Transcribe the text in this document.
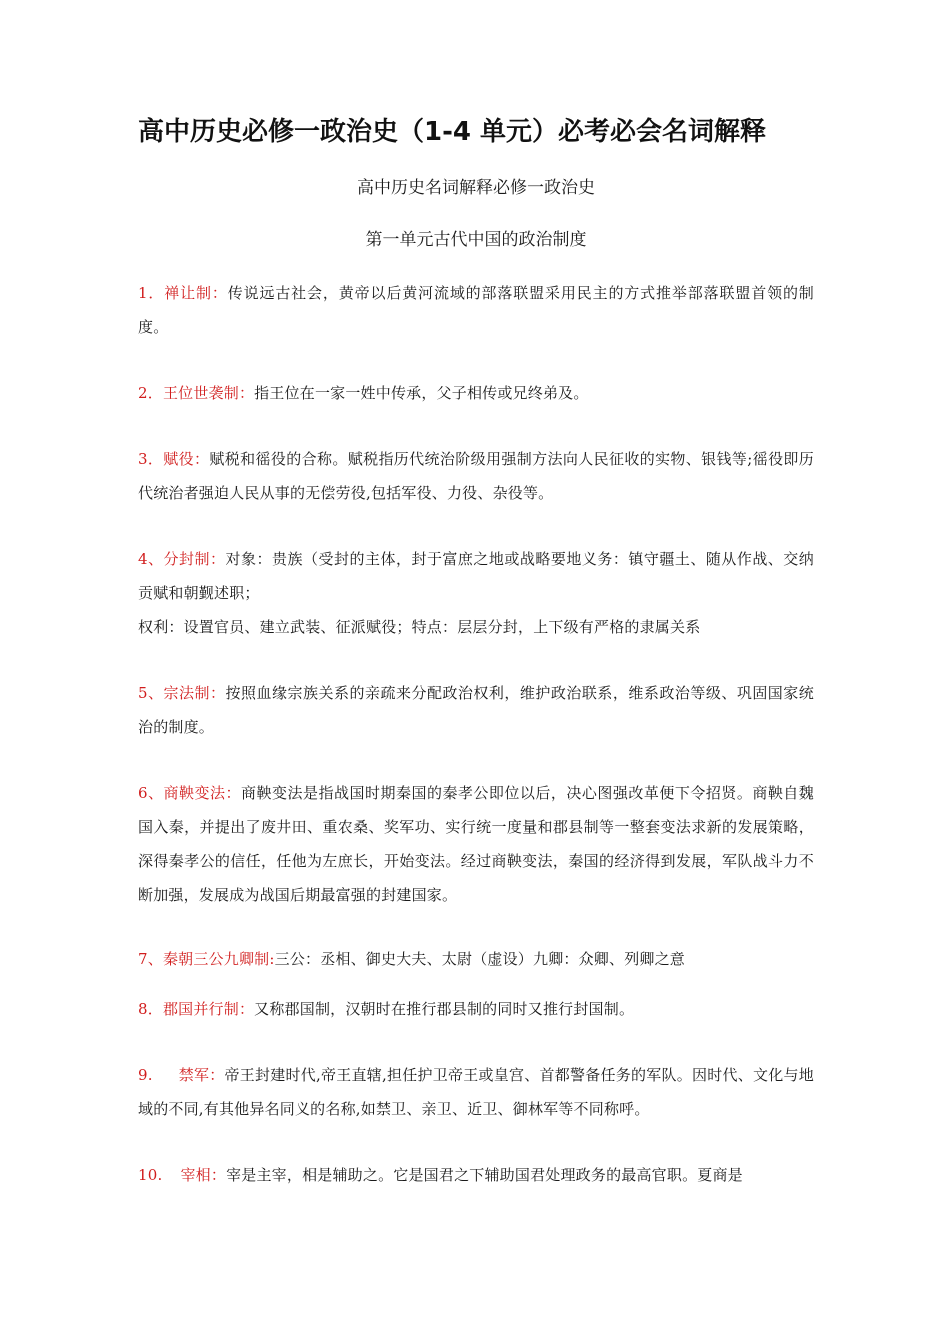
高中历史必修一政治史（1-4 单元）必考必会名词解释

高中历史名词解释必修一政治史

第一单元古代中国的政治制度

1．禅让制：传说远古社会，黄帝以后黄河流域的部落联盟采用民主的方式推举部落联盟首领的制度。

2．王位世袭制：指王位在一家一姓中传承，父子相传或兄终弟及。

3．赋役：赋税和徭役的合称。赋税指历代统治阶级用强制方法向人民征收的实物、银钱等;徭役即历代统治者强迫人民从事的无偿劳役,包括军役、力役、杂役等。

4、分封制：对象：贵族（受封的主体，封于富庶之地或战略要地义务：镇守疆土、随从作战、交纳贡赋和朝觐述职；
权利：设置官员、建立武装、征派赋役；特点：层层分封，上下级有严格的隶属关系

5、宗法制：按照血缘宗族关系的亲疏来分配政治权利，维护政治联系，维系政治等级、巩固国家统治的制度。

6、商鞅变法：商鞅变法是指战国时期秦国的秦孝公即位以后，决心图强改革便下令招贤。商鞅自魏国入秦，并提出了废井田、重农桑、奖军功、实行统一度量和郡县制等一整套变法求新的发展策略，深得秦孝公的信任，任他为左庶长，开始变法。经过商鞅变法，秦国的经济得到发展，军队战斗力不断加强，发展成为战国后期最富强的封建国家。

7、秦朝三公九卿制:三公：丞相、御史大夫、太尉（虚设）九卿：众卿、列卿之意

8．郡国并行制：又称郡国制，汉朝时在推行郡县制的同时又推行封国制。

9. 禁军：帝王封建时代,帝王直辖,担任护卫帝王或皇宫、首都警备任务的军队。因时代、文化与地域的不同,有其他异名同义的名称,如禁卫、亲卫、近卫、御林军等不同称呼。

10. 宰相：宰是主宰，相是辅助之。它是国君之下辅助国君处理政务的最高官职。夏商是
